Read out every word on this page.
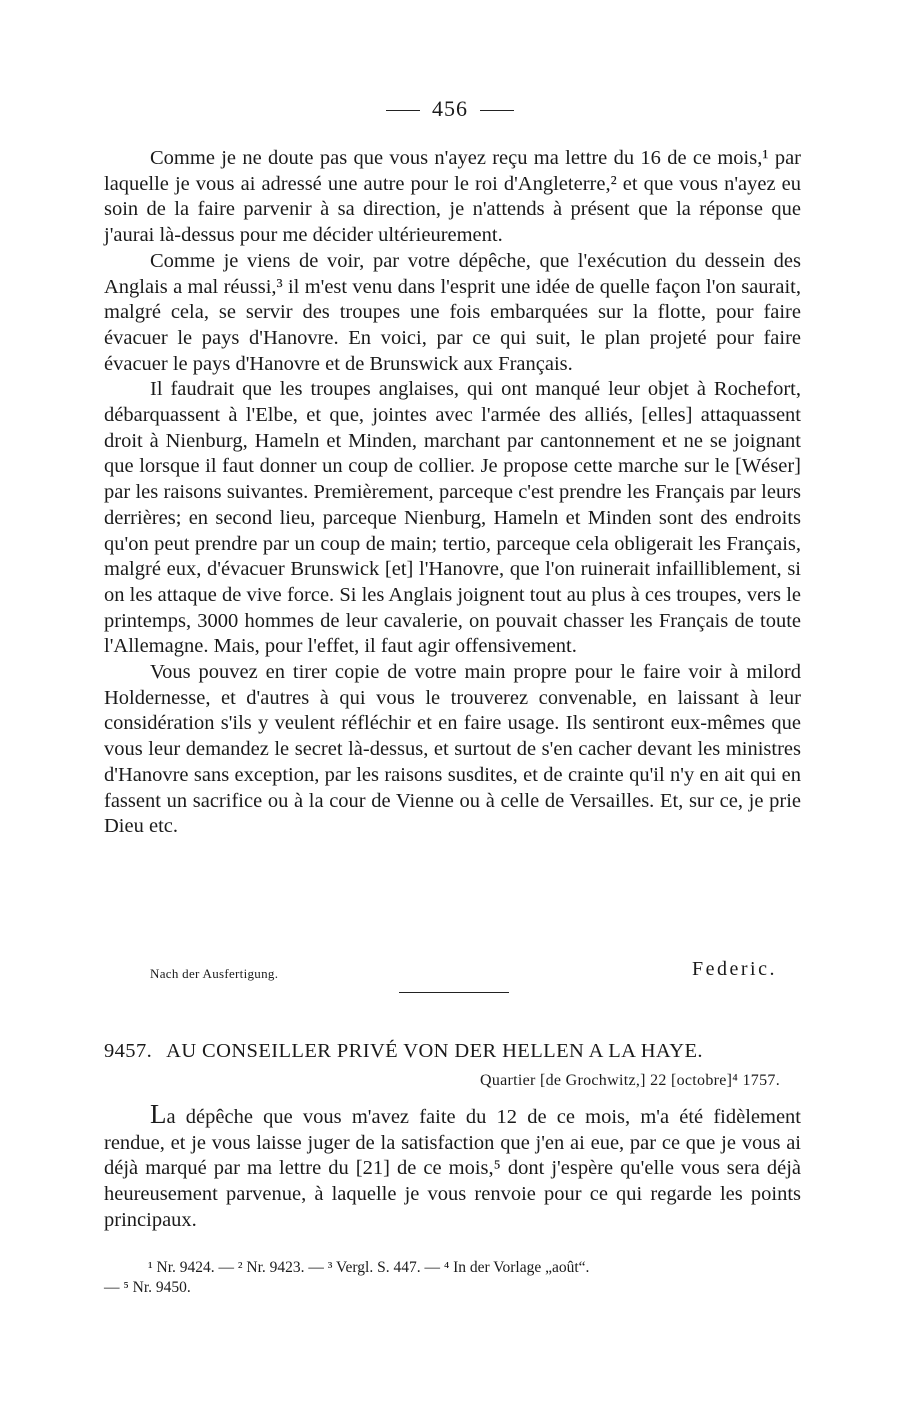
456

Comme je ne doute pas que vous n'ayez reçu ma lettre du 16 de ce mois,¹ par laquelle je vous ai adressé une autre pour le roi d'Angleterre,² et que vous n'ayez eu soin de la faire parvenir à sa direction, je n'attends à présent que la réponse que j'aurai là-dessus pour me décider ultérieurement.

Comme je viens de voir, par votre dépêche, que l'exécution du dessein des Anglais a mal réussi,³ il m'est venu dans l'esprit une idée de quelle façon l'on saurait, malgré cela, se servir des troupes une fois embarquées sur la flotte, pour faire évacuer le pays d'Hanovre. En voici, par ce qui suit, le plan projeté pour faire évacuer le pays d'Hanovre et de Brunswick aux Français.

Il faudrait que les troupes anglaises, qui ont manqué leur objet à Rochefort, débarquassent à l'Elbe, et que, jointes avec l'armée des alliés, [elles] attaquassent droit à Nienburg, Hameln et Minden, marchant par cantonnement et ne se joignant que lorsque il faut donner un coup de collier. Je propose cette marche sur le [Wéser] par les raisons suivantes. Premièrement, parceque c'est prendre les Français par leurs derrières; en second lieu, parceque Nienburg, Hameln et Minden sont des endroits qu'on peut prendre par un coup de main; tertio, parceque cela obligerait les Français, malgré eux, d'évacuer Brunswick [et] l'Hanovre, que l'on ruinerait infailliblement, si on les attaque de vive force. Si les Anglais joignent tout au plus à ces troupes, vers le printemps, 3000 hommes de leur cavalerie, on pouvait chasser les Français de toute l'Allemagne. Mais, pour l'effet, il faut agir offensivement.

Vous pouvez en tirer copie de votre main propre pour le faire voir à milord Holdernesse, et d'autres à qui vous le trouverez convenable, en laissant à leur considération s'ils y veulent réfléchir et en faire usage. Ils sentiront eux-mêmes que vous leur demandez le secret là-dessus, et surtout de s'en cacher devant les ministres d'Hanovre sans exception, par les raisons susdites, et de crainte qu'il n'y en ait qui en fassent un sacrifice ou à la cour de Vienne ou à celle de Versailles. Et, sur ce, je prie Dieu etc.

Nach der Ausfertigung.	Federic.
9457. AU CONSEILLER PRIVÉ VON DER HELLEN A LA HAYE.
Quartier [de Grochwitz,] 22 [octobre]⁴ 1757.

La dépêche que vous m'avez faite du 12 de ce mois, m'a été fidèlement rendue, et je vous laisse juger de la satisfaction que j'en ai eue, par ce que je vous ai déjà marqué par ma lettre du [21] de ce mois,⁵ dont j'espère qu'elle vous sera déjà heureusement parvenue, à laquelle je vous renvoie pour ce qui regarde les points principaux.

¹ Nr. 9424. — ² Nr. 9423. — ³ Vergl. S. 447. — ⁴ In der Vorlage „août“.
— ⁵ Nr. 9450.
